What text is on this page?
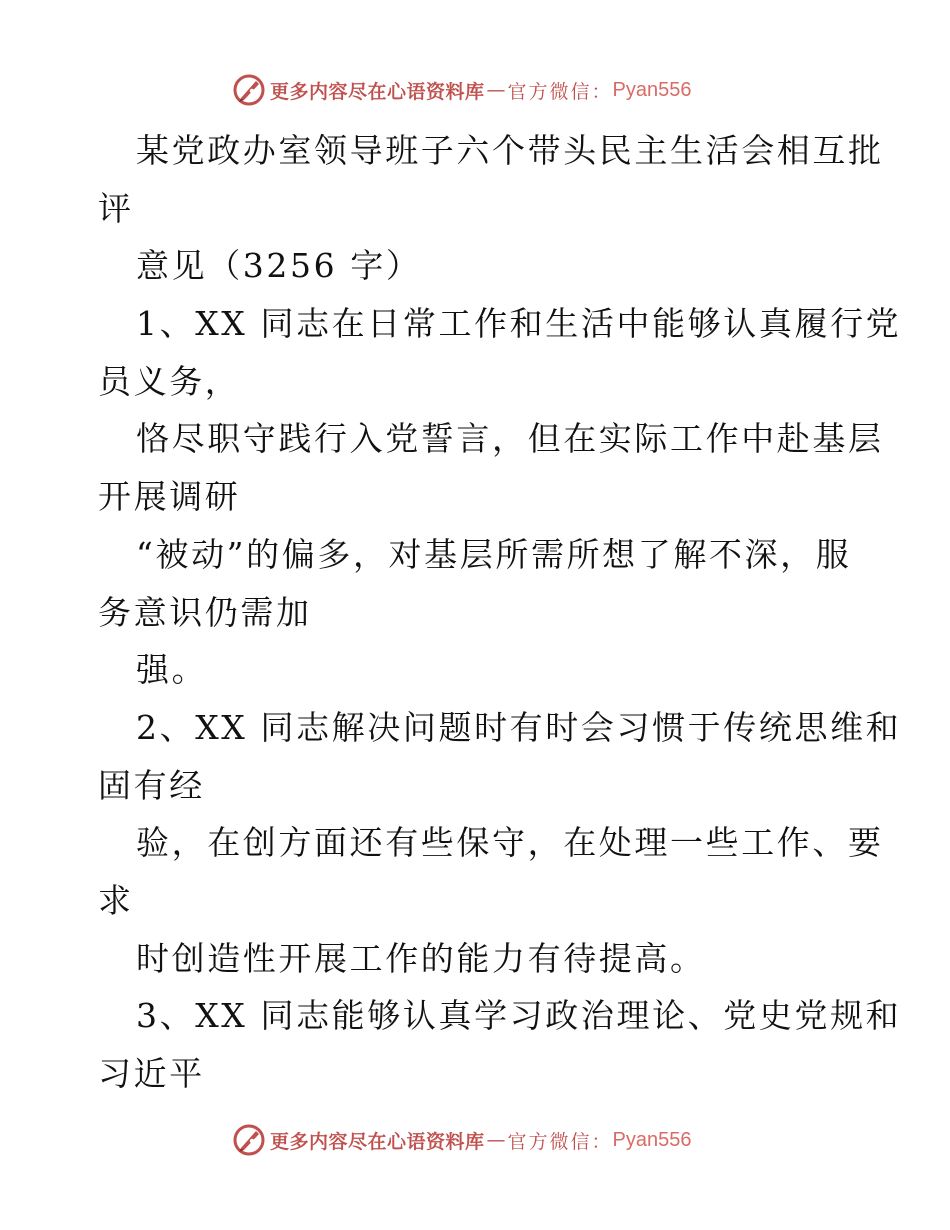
更多内容尽在心语资料库 — 官方微信： Pyan556
某党政办室领导班子六个带头民主生活会相互批
评
意见（3256 字）
1、XX 同志在日常工作和生活中能够认真履行党
员义务，
恪尽职守践行入党誓言，但在实际工作中赴基层
开展调研
“被动”的偏多，对基层所需所想了解不深，服
务意识仍需加
强。
2、XX 同志解决问题时有时会习惯于传统思维和
固有经
验，在创方面还有些保守，在处理一些工作、要
求
时创造性开展工作的能力有待提高。
3、XX 同志能够认真学习政治理论、党史党规和
习近平
更多内容尽在心语资料库 — 官方微信： Pyan556
